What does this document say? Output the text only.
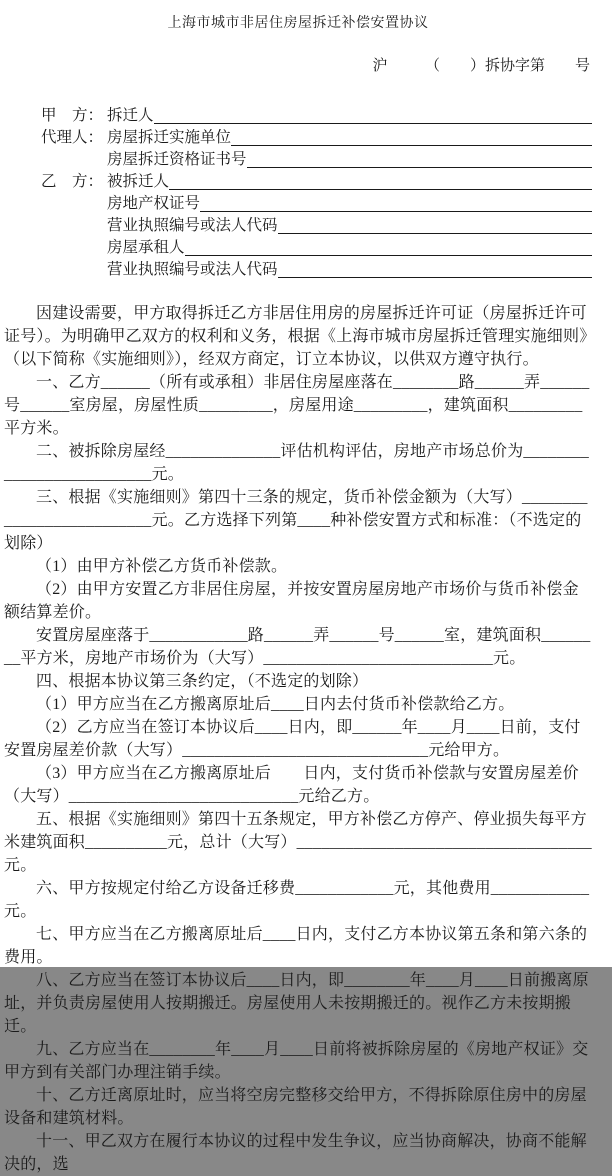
上海市城市非居住房屋拆迁补偿安置协议
沪　　　（　　）拆协字第　　号
甲　方： 拆迁人
代理人： 房屋拆迁实施单位
房屋拆迁资格证书号
乙　方： 被拆迁人
房地产权证号
营业执照编号或法人代码
房屋承租人
营业执照编号或法人代码

因建设需要，甲方取得拆迁乙方非居住用房的房屋拆迁许可证（房屋拆迁许可证号）。为明确甲乙双方的权利和义务，根据《上海市城市房屋拆迁管理实施细则》（以下简称《实施细则》），经双方商定，订立本协议，以供双方遵守执行。

一、乙方______（所有或承租）非居住房屋座落在________路______弄______号______室房屋，房屋性质_________，房屋用途_________，建筑面积_________平方米。

二、被拆除房屋经______________评估机构评估，房地产市场总价为__________________________元。

三、根据《实施细则》第四十三条的规定，货币补偿金额为（大写）__________________________元。乙方选择下列第____种补偿安置方式和标准：（不选定的划除）

（1）由甲方补偿乙方货币补偿款。

（2）由甲方安置乙方非居住房屋，并按安置房屋房地产市场价与货币补偿金额结算差价。

安置房屋座落于____________路______弄______号______室，建筑面积________平方米，房地产市场价为（大写）____________________________元。

四、根据本协议第三条约定，（不选定的划除）

（1）甲方应当在乙方搬离原址后____日内去付货币补偿款给乙方。

（2）乙方应当在签订本协议后____日内，即______年____月____日前，支付安置房屋差价款（大写）______________________________元给甲方。

（3）甲方应当在乙方搬离原址后　　日内，支付货币补偿款与安置房屋差价（大写）____________________________元给乙方。

五、根据《实施细则》第四十五条规定，甲方补偿乙方停产、停业损失每平方米建筑面积__________元，总计（大写）____________________________________元。

六、甲方按规定付给乙方设备迁移费____________元，其他费用____________元。

七、甲方应当在乙方搬离原址后____日内，支付乙方本协议第五条和第六条的费用。

八、乙方应当在签订本协议后____日内，即________年____月____日前搬离原址，并负责房屋使用人按期搬迁。房屋使用人未按期搬迁的。视作乙方未按期搬迁。

九、乙方应当在________年____月____日前将被拆除房屋的《房地产权证》交甲方到有关部门办理注销手续。

十、乙方迁离原址时，应当将空房完整移交给甲方，不得拆除原住房中的房屋设备和建筑材料。

十一、甲乙双方在履行本协议的过程中发生争议，应当协商解决，协商不能解决的，选
